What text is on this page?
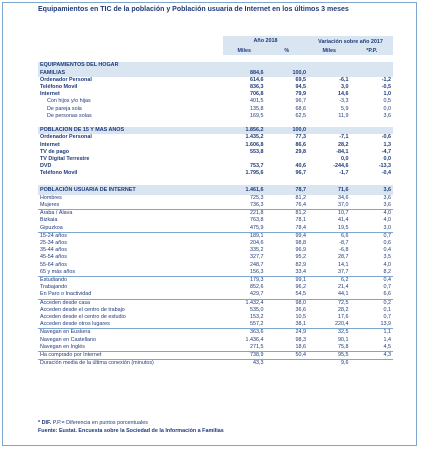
Equipamientos en TIC de la población y Población usuaria de Internet en los últimos 3 meses
	Año 2018		Variación sobre año 2017	
	Miles	%	Miles	*P.P.

EQUIPAMIENTOS DEL HOGAR				
FAMILIAS	884,6	100,0		
Ordenador Personal	614,6	69,5	-6,1	-1,2
Teléfono Movil	836,3	94,5	3,0	-0,5
Internet	706,8	79,9	14,6	1,0
Con hijos y/o hijas	401,5	96,7	-3,3	0,5
De pareja sola	135,8	68,6	5,9	0,0
De personas solas	169,5	62,5	11,9	3,6

POBLACIÓN DE 15 Y MAS AÑOS	1.856,2	100,0		
Ordenador Personal	1.435,2	77,3	-7,1	-0,6
Internet	1.606,8	86,6	28,2	1,3
TV de pago	553,8	29,8	-84,1	-4,7
TV Digital Terrestre			0,0	0,0
DVD	753,7	40,6	-244,6	-13,3
Teléfono Movil	1.795,6	96,7	-1,7	-0,4

POBLACIÓN USUARIA DE INTERNET	1.461,6	78,7	71,6	3,6
Hombres	725,3	81,2	34,6	3,6
Mujeres	736,3	76,4	37,0	3,6
Araba / Álava	221,8	81,2	10,7	4,0
Bizkaia	763,8	78,1	41,4	4,0
Gipuzkoa	475,9	78,4	19,5	3,0
15-24 años	189,1	99,4	6,6	0,7
25-34 años	204,6	98,8	-8,7	0,6
35-44 años	335,2	96,9	-6,8	0,4
45-54 años	327,7	95,2	28,7	3,5
55-64 años	248,7	82,9	14,1	4,0
65 y más años	156,3	33,4	37,7	8,2
Estudiando	179,3	99,1	6,2	0,4
Trabajando	852,6	96,2	21,4	0,7
En Paro o Inactividad	429,7	54,5	44,1	6,6
Acceden desde casa	1.432,4	98,0	72,5	0,2
Acceden desde el centro de trabajo	535,0	36,6	28,2	0,1
Acceden desde el centro de estudio	153,2	10,5	17,6	0,7
Acceden desde otros lugares	557,2	38,1	220,4	13,9
Navegan en Euskera	363,6	24,9	32,5	1,1
Navegan en Castellano	1.436,4	98,3	90,1	1,4
Navegan en Inglés	271,5	18,6	75,8	4,5
Ha comprado por Internet	738,9	50,4	95,5	4,3
Duración media de la última conexión (minutos)	43,3		9,6	
* DIF. P.P.= Diferencia en puntos porcentuales
Fuente: Eustat. Encuesta sobre la Sociedad de la Información a Familias
